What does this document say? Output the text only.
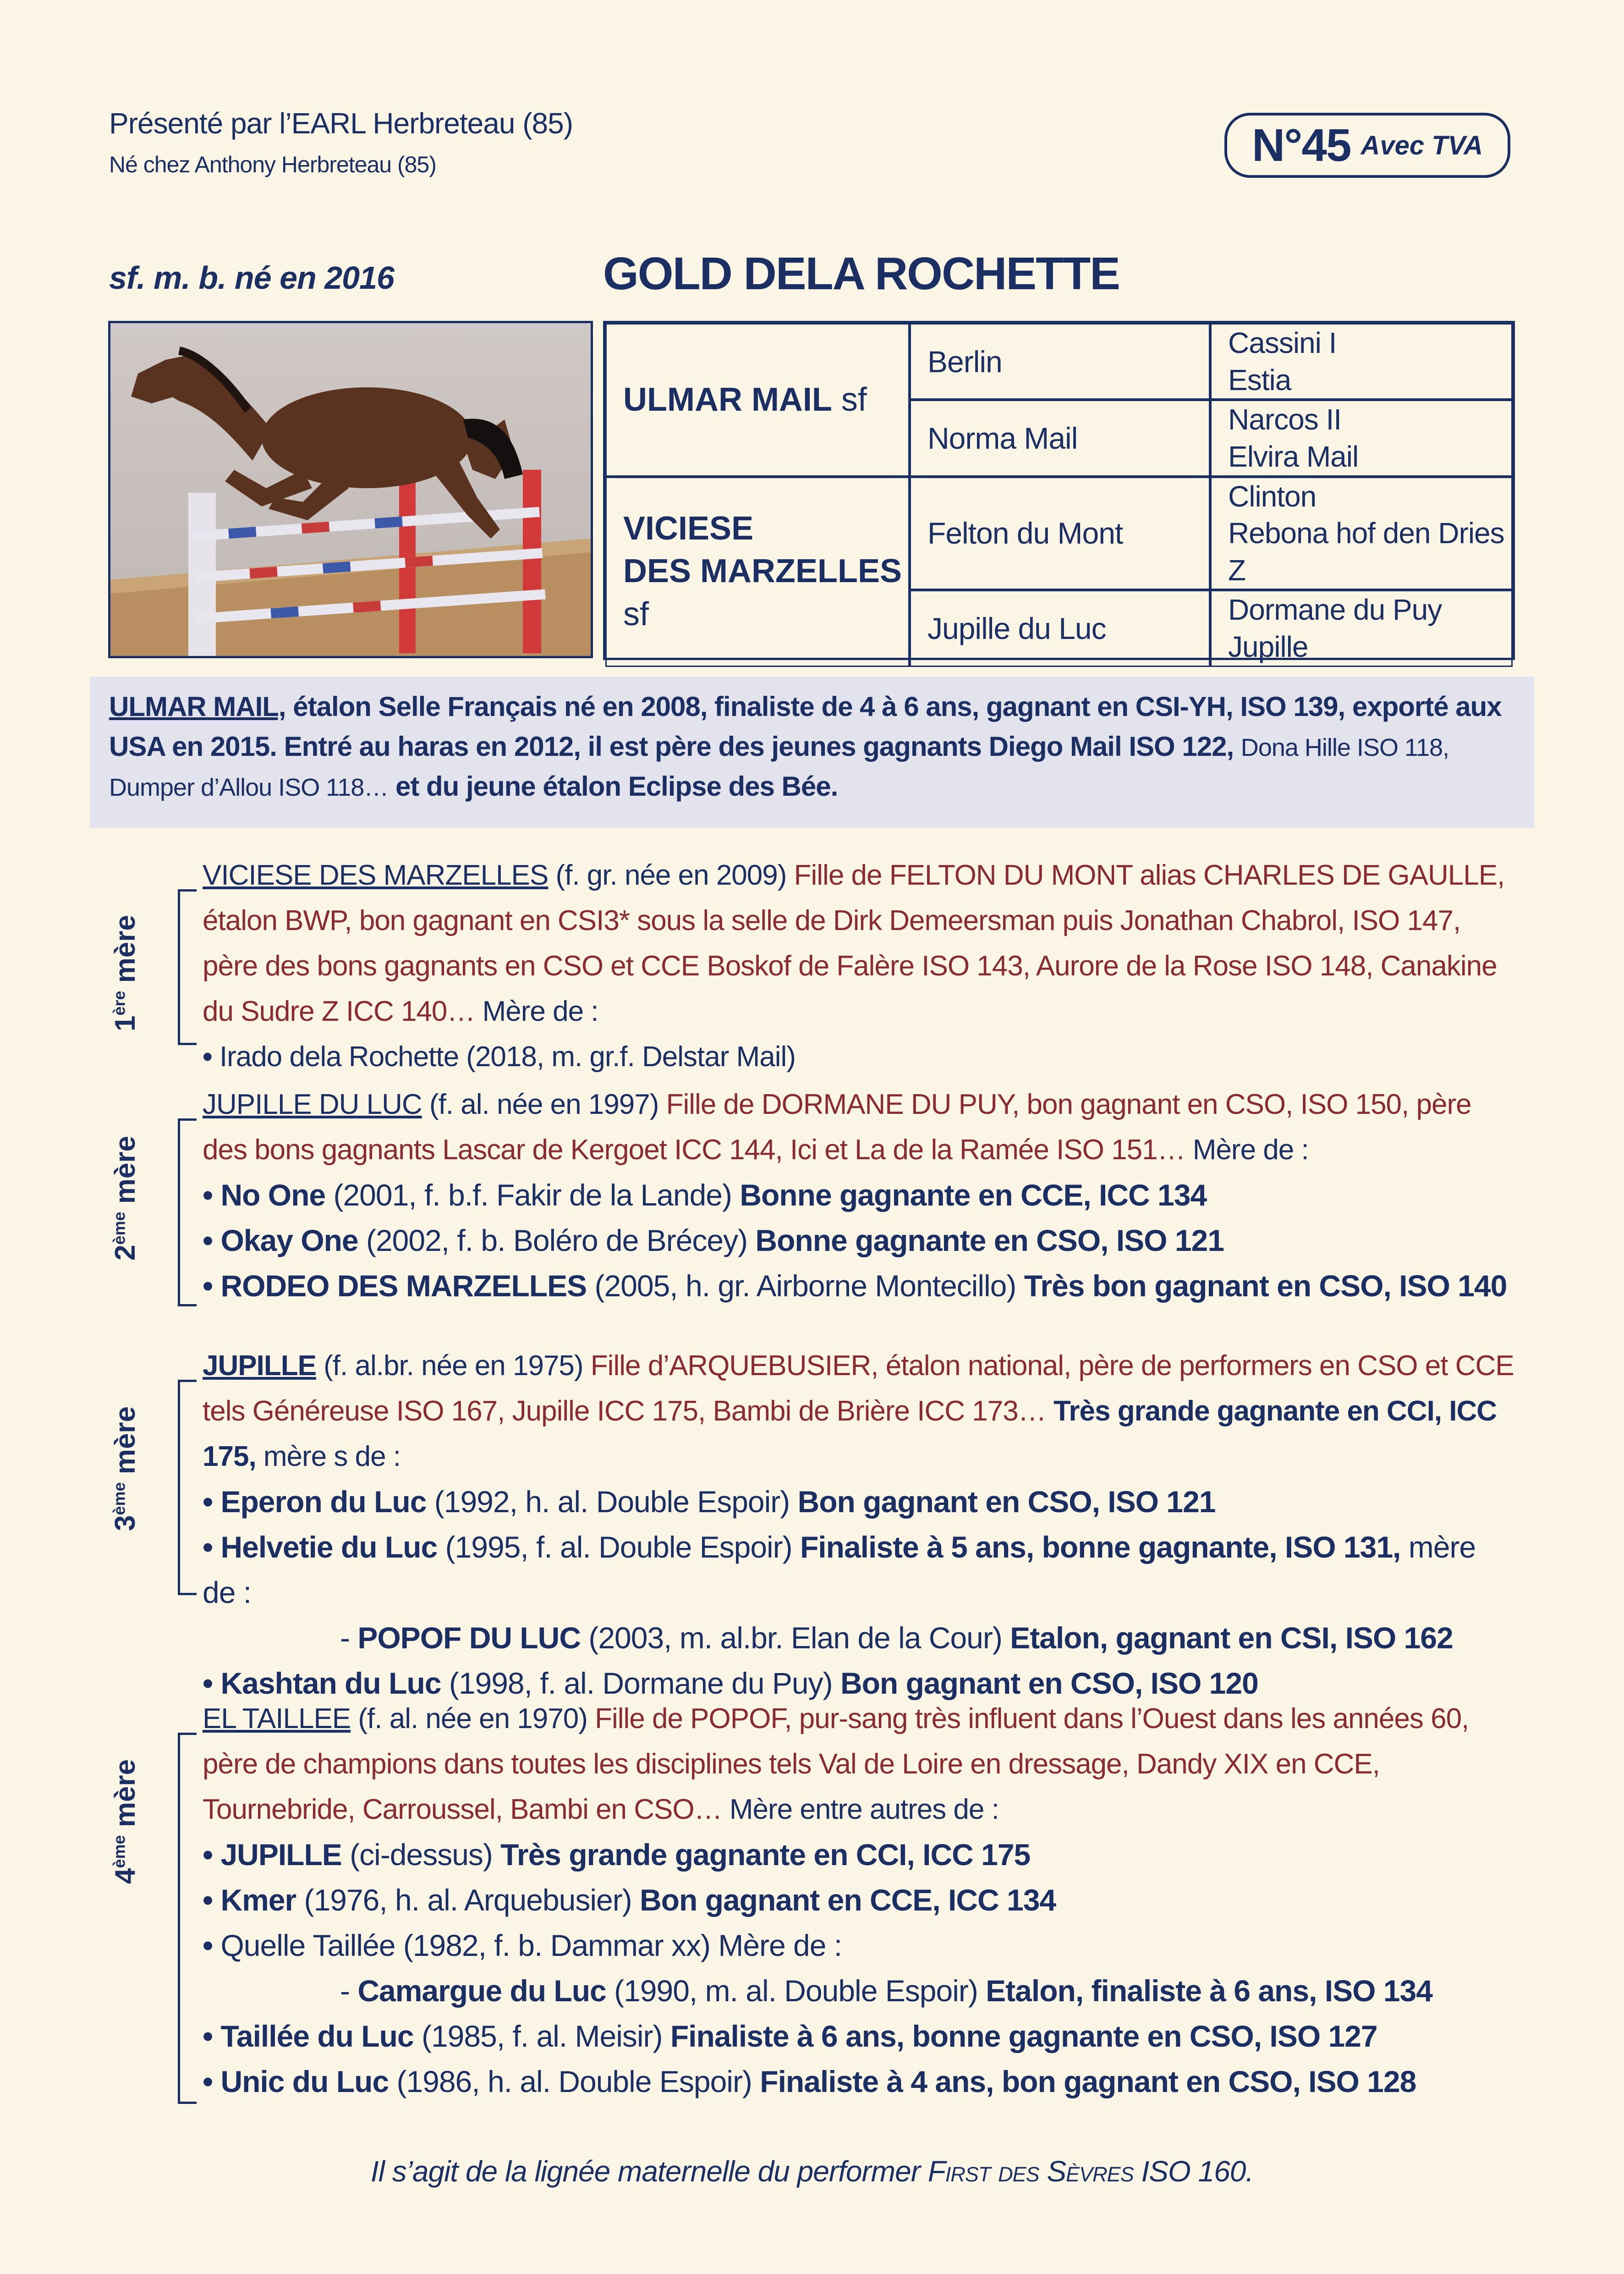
Présenté par l’EARL Herbreteau (85)
Né chez Anthony Herbreteau (85)	N°45 Avec TVA
sf. m. b. né en 2016	GOLD DELA ROCHETTE
ULMAR MAIL sf
VICIESE
DES MARZELLES sf
Berlin
Norma Mail
Felton du Mont
Jupille du Luc
Cassini I
Estia
Narcos II
Elvira Mail
Clinton
Rebona hof den Dries Z
Dormane du Puy
Jupille
ULMAR MAIL, étalon Selle Français né en 2008, finaliste de 4 à 6 ans, gagnant en CSI-YH, ISO 139, exporté aux USA en 2015. Entré au haras en 2012, il est père des jeunes gagnants Diego Mail ISO 122, Dona Hille ISO 118, Dumper d’Allou ISO 118… et du jeune étalon Eclipse des Bée.
1ère mère
VICIESE DES MARZELLES (f. gr. née en 2009) Fille de FELTON DU MONT alias CHARLES DE GAULLE, étalon BWP, bon gagnant en CSI3* sous la selle de Dirk Demeersman puis Jonathan Chabrol, ISO 147, père des bons gagnants en CSO et CCE Boskof de Falère ISO 143, Aurore de la Rose ISO 148, Canakine du Sudre Z ICC 140… Mère de :
• Irado dela Rochette (2018, m. gr.f. Delstar Mail)
2ème mère
JUPILLE DU LUC (f. al. née en 1997) Fille de DORMANE DU PUY, bon gagnant en CSO, ISO 150, père des bons gagnants Lascar de Kergoet ICC 144, Ici et La de la Ramée ISO 151… Mère de :
• No One (2001, f. b.f. Fakir de la Lande) Bonne gagnante en CCE, ICC 134
• Okay One (2002, f. b. Boléro de Brécey) Bonne gagnante en CSO, ISO 121
• RODEO DES MARZELLES (2005, h. gr. Airborne Montecillo) Très bon gagnant en CSO, ISO 140
3ème mère
JUPILLE (f. al.br. née en 1975) Fille d’ARQUEBUSIER, étalon national, père de performers en CSO et CCE tels Généreuse ISO 167, Jupille ICC 175, Bambi de Brière ICC 173… Très grande gagnante en CCI, ICC 175, mère s de :
• Eperon du Luc (1992, h. al. Double Espoir) Bon gagnant en CSO, ISO 121
• Helvetie du Luc (1995, f. al. Double Espoir) Finaliste à 5 ans, bonne gagnante, ISO 131, mère de :
- POPOF DU LUC (2003, m. al.br. Elan de la Cour) Etalon, gagnant en CSI, ISO 162
• Kashtan du Luc (1998, f. al. Dormane du Puy) Bon gagnant en CSO, ISO 120
4ème mère
EL TAILLEE (f. al. née en 1970) Fille de POPOF, pur-sang très influent dans l’Ouest dans les années 60, père de champions dans toutes les disciplines tels Val de Loire en dressage, Dandy XIX en CCE, Tournebride, Carroussel, Bambi en CSO… Mère entre autres de :
• JUPILLE (ci-dessus) Très grande gagnante en CCI, ICC 175
• Kmer (1976, h. al. Arquebusier) Bon gagnant en CCE, ICC 134
• Quelle Taillée (1982, f. b. Dammar xx) Mère de :
- Camargue du Luc (1990, m. al. Double Espoir) Etalon, finaliste à 6 ans, ISO 134
• Taillée du Luc (1985, f. al. Meisir) Finaliste à 6 ans, bonne gagnante en CSO, ISO 127
• Unic du Luc (1986, h. al. Double Espoir) Finaliste à 4 ans, bon gagnant en CSO, ISO 128
Il s’agit de la lignée maternelle du performer First des Sèvres ISO 160.
